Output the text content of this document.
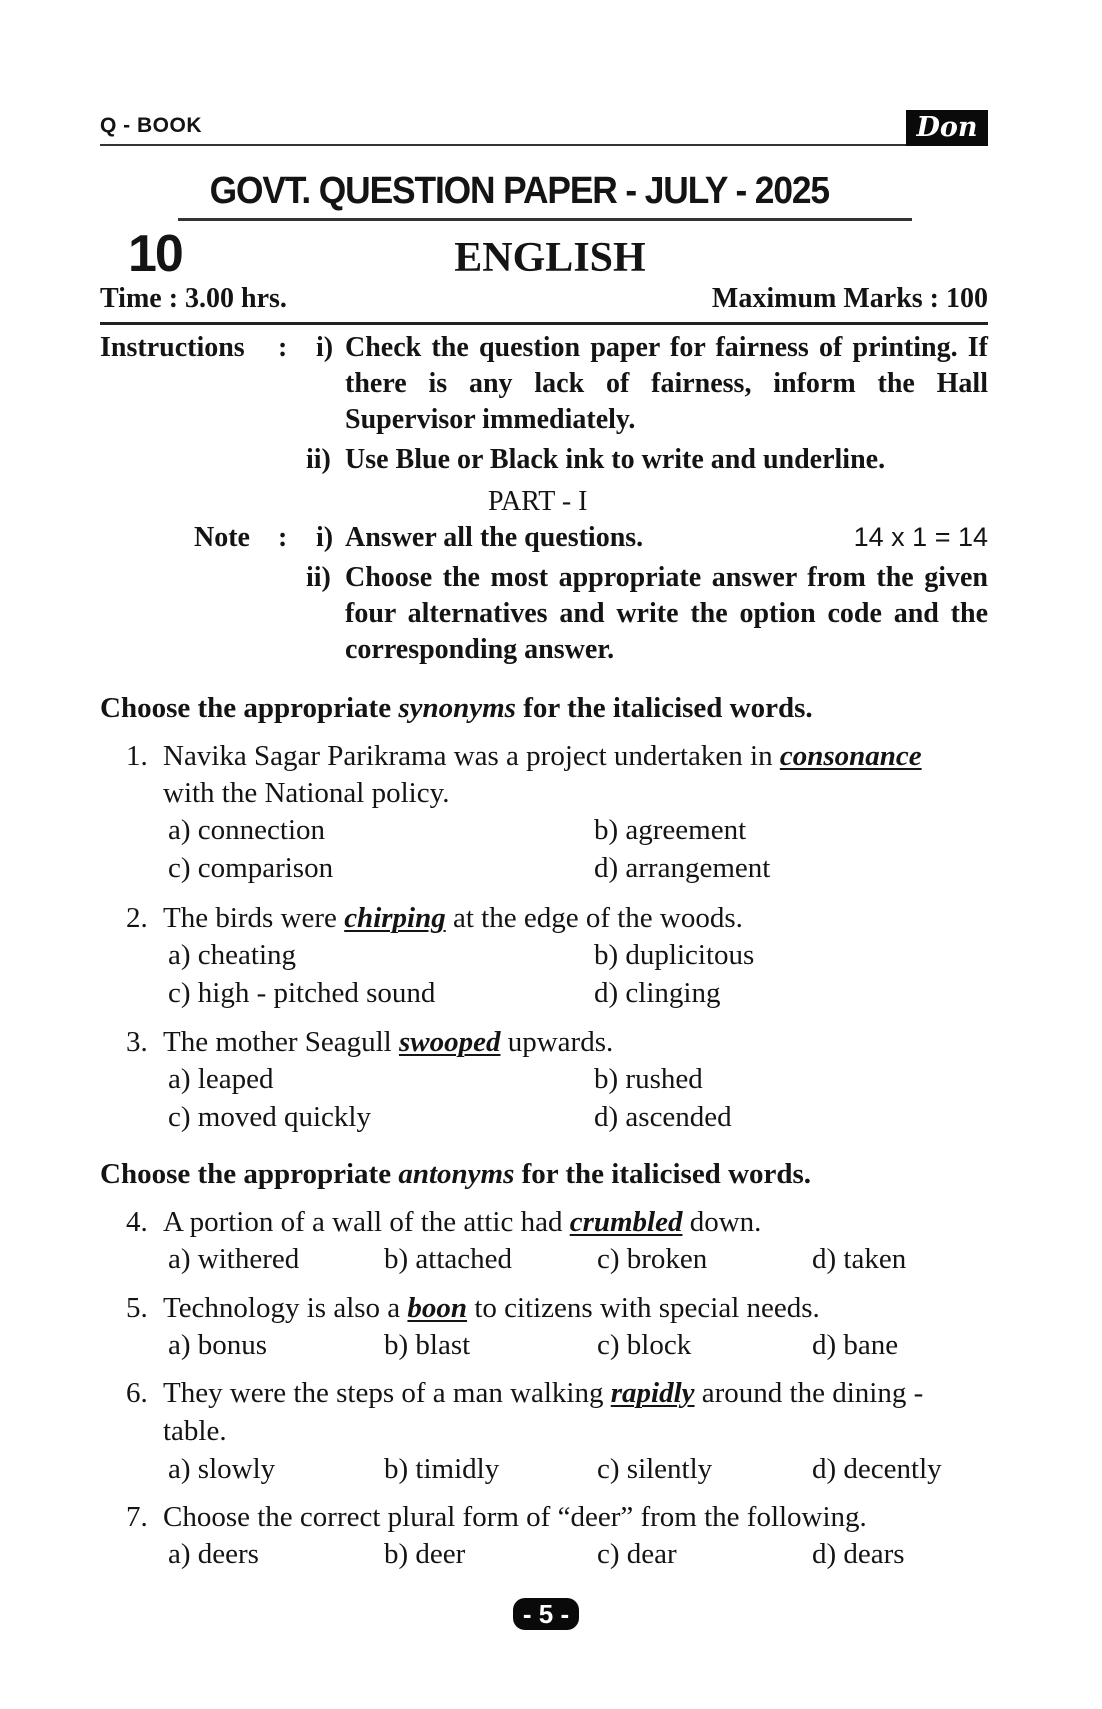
Q - BOOK	Don
GOVT. QUESTION PAPER - JULY - 2025
10	ENGLISH
Time : 3.00 hrs.	Maximum Marks : 100
Instructions : i) Check the question paper for fairness of printing. If there is any lack of fairness, inform the Hall Supervisor immediately.
ii) Use Blue or Black ink to write and underline.
PART - I
Note : i) Answer all the questions.	14 x 1 = 14
ii) Choose the most appropriate answer from the given four alternatives and write the option code and the corresponding answer.
Choose the appropriate synonyms for the italicised words.
1. Navika Sagar Parikrama was a project undertaken in consonance
with the National policy.
a) connection	b) agreement
c) comparison	d) arrangement
2. The birds were chirping at the edge of the woods.
a) cheating	b) duplicitous
c) high - pitched sound	d) clinging
3. The mother Seagull swooped upwards.
a) leaped	b) rushed
c) moved quickly	d) ascended
Choose the appropriate antonyms for the italicised words.
4. A portion of a wall of the attic had crumbled down.
a) withered	b) attached	c) broken	d) taken
5. Technology is also a boon to citizens with special needs.
a) bonus	b) blast	c) block	d) bane
6. They were the steps of a man walking rapidly around the dining -
table.
a) slowly	b) timidly	c) silently	d) decently
7. Choose the correct plural form of “deer” from the following.
a) deers	b) deer	c) dear	d) dears
- 5 -
